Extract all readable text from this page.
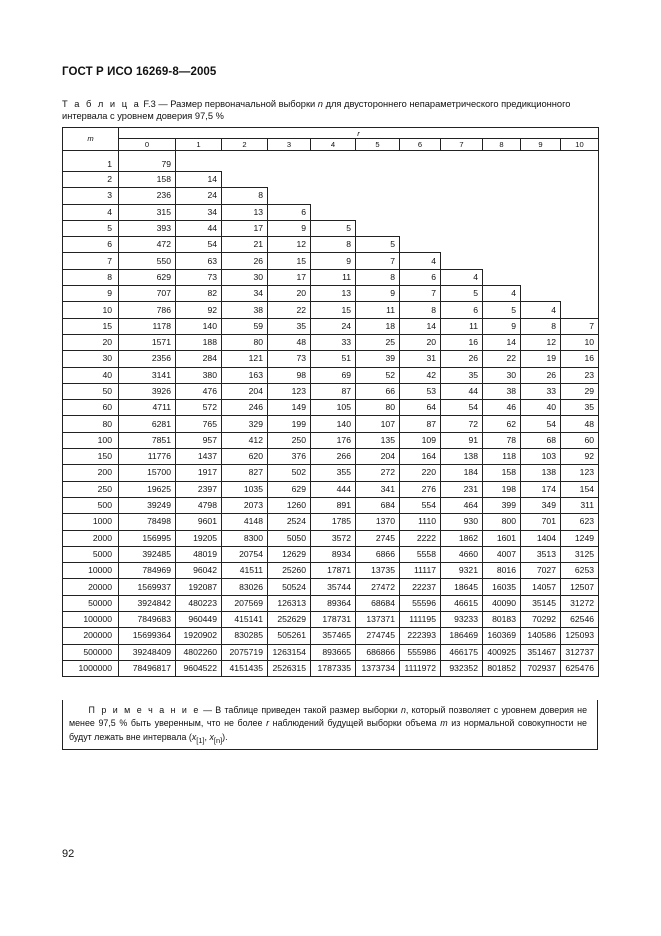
ГОСТ Р ИСО 16269-8—2005
Т а б л и ц а F.3 — Размер первоначальной выборки n для двустороннего непараметрического предикционного
интервала с уровнем доверия 97,5 %
m	r										
	0	1	2	3	4	5	6	7	8	9	10
1	79										
2	158	14									
3	236	24	8								
4	315	34	13	6							
5	393	44	17	9	5						
6	472	54	21	12	8	5					
7	550	63	26	15	9	7	4				
8	629	73	30	17	11	8	6	4			
9	707	82	34	20	13	9	7	5	4		
10	786	92	38	22	15	11	8	6	5	4	
15	1178	140	59	35	24	18	14	11	9	8	7
20	1571	188	80	48	33	25	20	16	14	12	10
30	2356	284	121	73	51	39	31	26	22	19	16
40	3141	380	163	98	69	52	42	35	30	26	23
50	3926	476	204	123	87	66	53	44	38	33	29
60	4711	572	246	149	105	80	64	54	46	40	35
80	6281	765	329	199	140	107	87	72	62	54	48
100	7851	957	412	250	176	135	109	91	78	68	60
150	11776	1437	620	376	266	204	164	138	118	103	92
200	15700	1917	827	502	355	272	220	184	158	138	123
250	19625	2397	1035	629	444	341	276	231	198	174	154
500	39249	4798	2073	1260	891	684	554	464	399	349	311
1000	78498	9601	4148	2524	1785	1370	1110	930	800	701	623
2000	156995	19205	8300	5050	3572	2745	2222	1862	1601	1404	1249
5000	392485	48019	20754	12629	8934	6866	5558	4660	4007	3513	3125
10000	784969	96042	41511	25260	17871	13735	11117	9321	8016	7027	6253
20000	1569937	192087	83026	50524	35744	27472	22237	18645	16035	14057	12507
50000	3924842	480223	207569	126313	89364	68684	55596	46615	40090	35145	31272
100000	7849683	960449	415141	252629	178731	137371	111195	93233	80183	70292	62546
200000	15699364	1920902	830285	505261	357465	274745	222393	186469	160369	140586	125093
500000	39248409	4802260	2075719	1263154	893665	686866	555986	466175	400925	351467	312737
1000000	78496817	9604522	4151435	2526315	1787335	1373734	1111972	932352	801852	702937	625476
П р и м е ч а н и е — В таблице приведен такой размер выборки n, который позволяет с уровнем доверия не менее 97,5 % быть уверенным, что не более r наблюдений будущей выборки объема m из нормальной совокупности не будут лежать вне интервала ($x_{[1]}$, $x_{[n]}$).
92
